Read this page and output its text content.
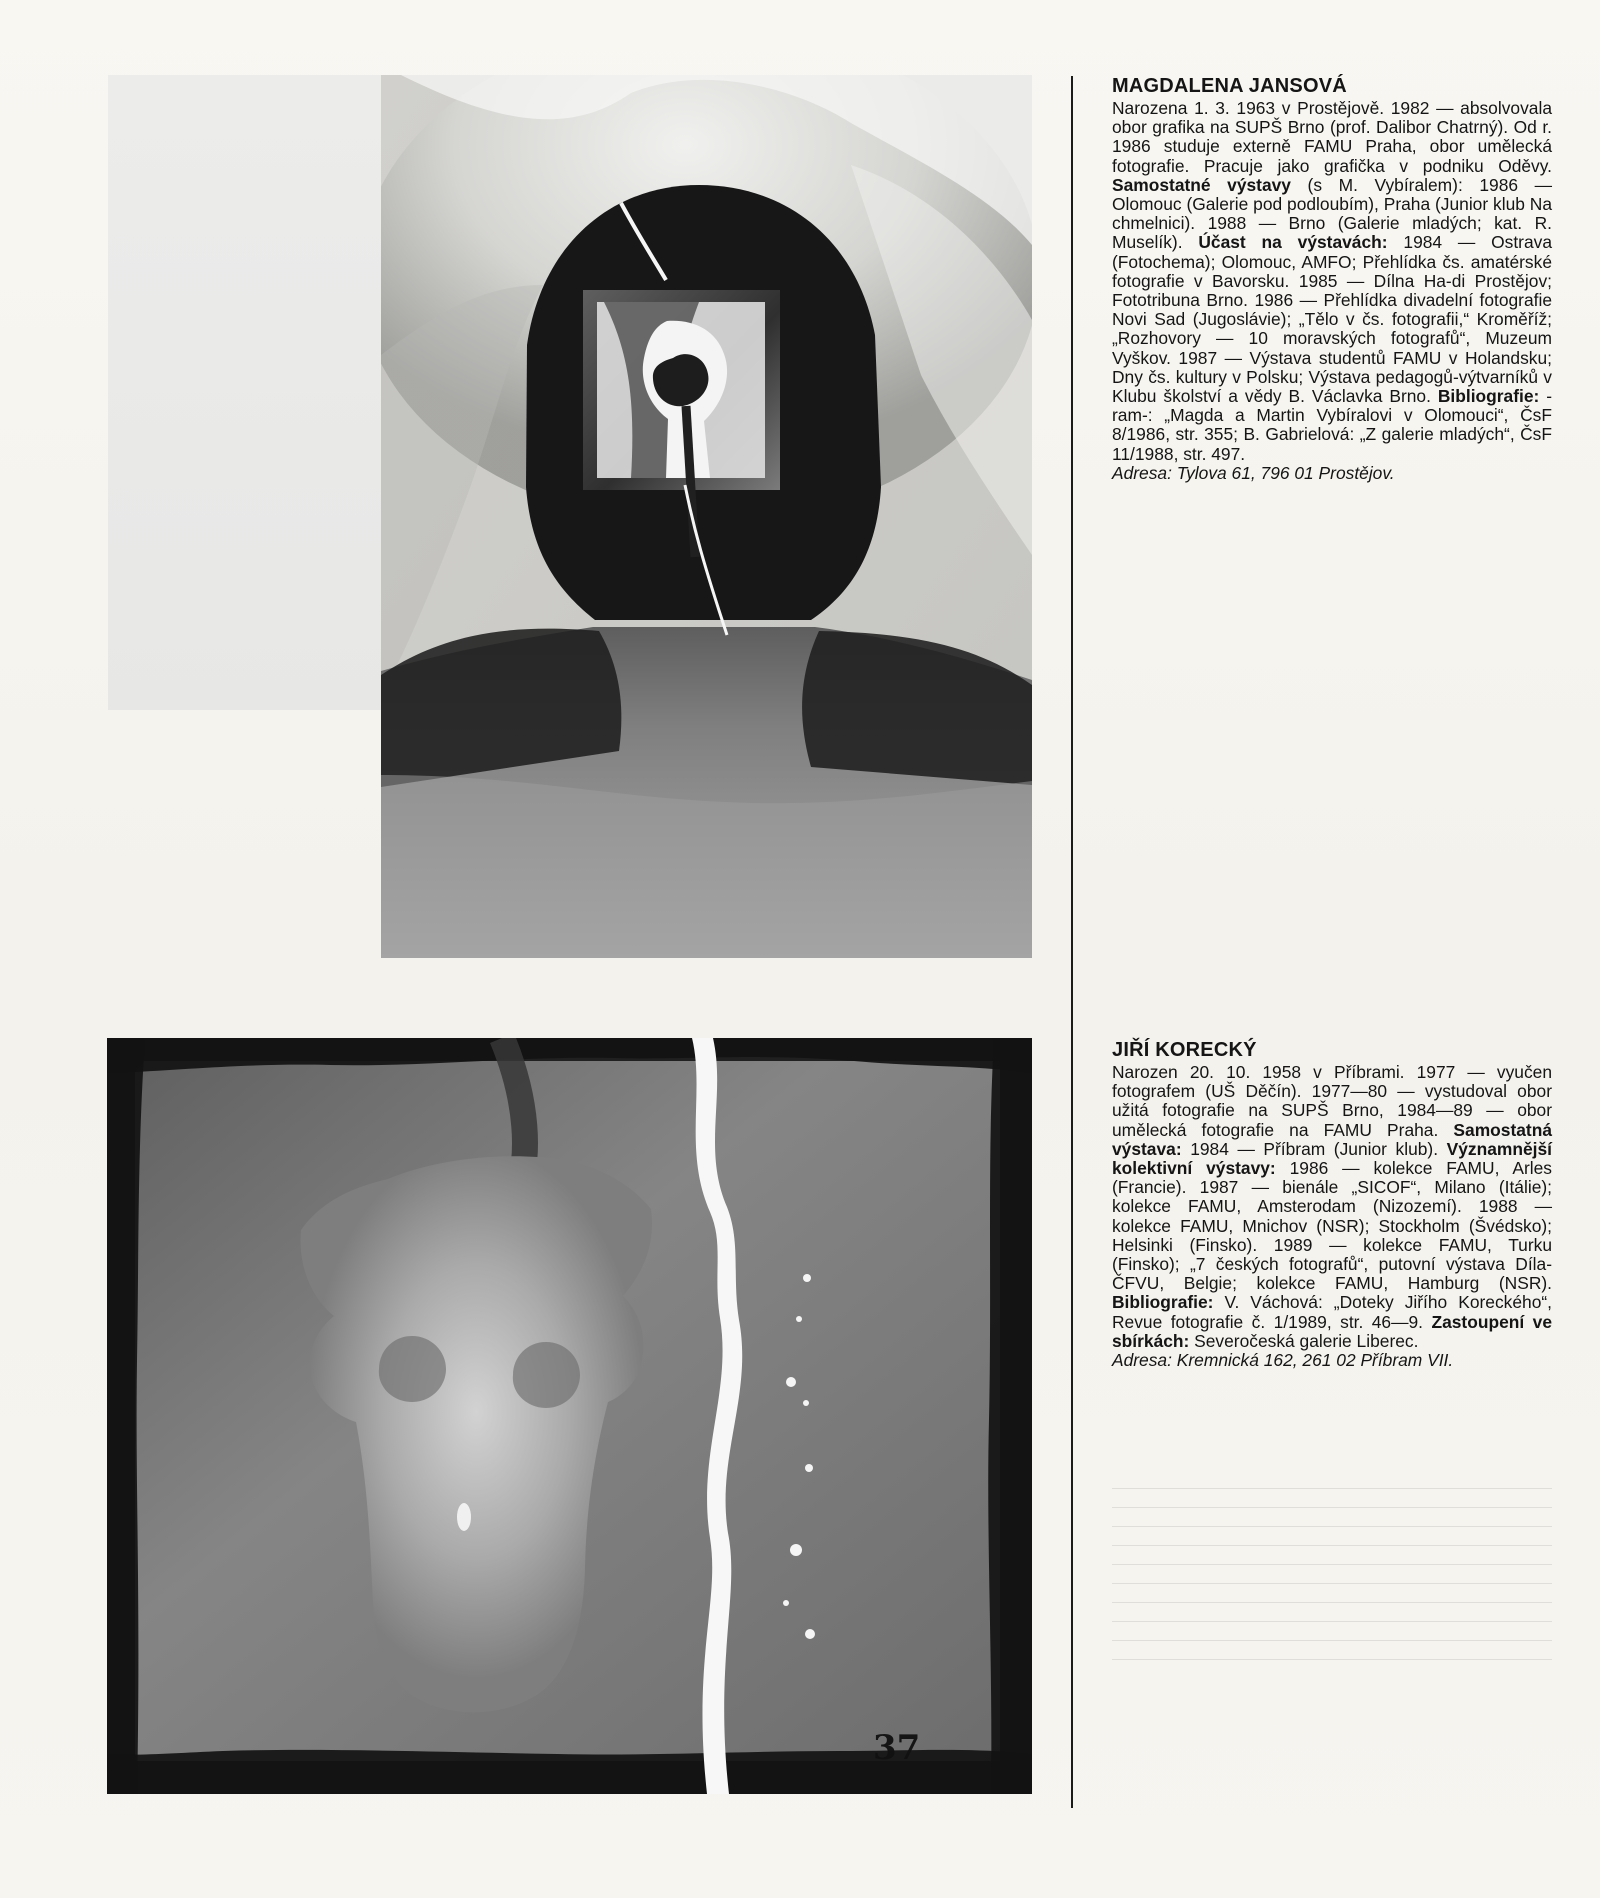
MAGDALENA JANSOVÁ
Narozena 1. 3. 1963 v Prostějově. 1982 — absolvovala obor grafika na SUPŠ Brno (prof. Dalibor Chatrný). Od r. 1986 studuje externě FAMU Praha, obor umělecká fotografie. Pracuje jako grafička v podniku Oděvy. Samostatné výstavy (s M. Vybíralem): 1986 — Olomouc (Galerie pod podloubím), Praha (Junior klub Na chmelnici). 1988 — Brno (Galerie mladých; kat. R. Muselík). Účast na výstavách: 1984 — Ostrava (Fotochema); Olomouc, AMFO; Přehlídka čs. amatérské fotografie v Bavorsku. 1985 — Dílna Ha-di Prostějov; Fototribuna Brno. 1986 — Přehlídka divadelní fotografie Novi Sad (Jugoslávie); „Tělo v čs. fotografii,“ Kroměříž; „Rozhovory — 10 moravských fotografů“, Muzeum Vyškov. 1987 — Výstava studentů FAMU v Holandsku; Dny čs. kultury v Polsku; Výstava pedagogů-výtvarníků v Klubu školství a vědy B. Václavka Brno. Bibliografie: -ram-: „Magda a Martin Vybíralovi v Olomouci“, ČsF 8/1986, str. 355; B. Gabrielová: „Z galerie mladých“, ČsF 11/1988, str. 497.
Adresa: Tylova 61, 796 01 Prostějov.
JIŘÍ KORECKÝ
Narozen 20. 10. 1958 v Příbrami. 1977 — vyučen fotografem (UŠ Děčín). 1977—80 — vystudoval obor užitá fotografie na SUPŠ Brno, 1984—89 — obor umělecká fotografie na FAMU Praha. Samostatná výstava: 1984 — Příbram (Junior klub). Významnější kolektivní výstavy: 1986 — kolekce FAMU, Arles (Francie). 1987 — bienále „SICOF“, Milano (Itálie); kolekce FAMU, Amsterodam (Nizozemí). 1988 — kolekce FAMU, Mnichov (NSR); Stockholm (Švédsko); Helsinki (Finsko). 1989 — kolekce FAMU, Turku (Finsko); „7 českých fotografů“, putovní výstava Díla-ČFVU, Belgie; kolekce FAMU, Hamburg (NSR). Bibliografie: V. Váchová: „Doteky Jiřího Koreckého“, Revue fotografie č. 1/1989, str. 46—9. Zastoupení ve sbírkách: Severočeská galerie Liberec.
Adresa: Kremnická 162, 261 02 Příbram VII.
37
